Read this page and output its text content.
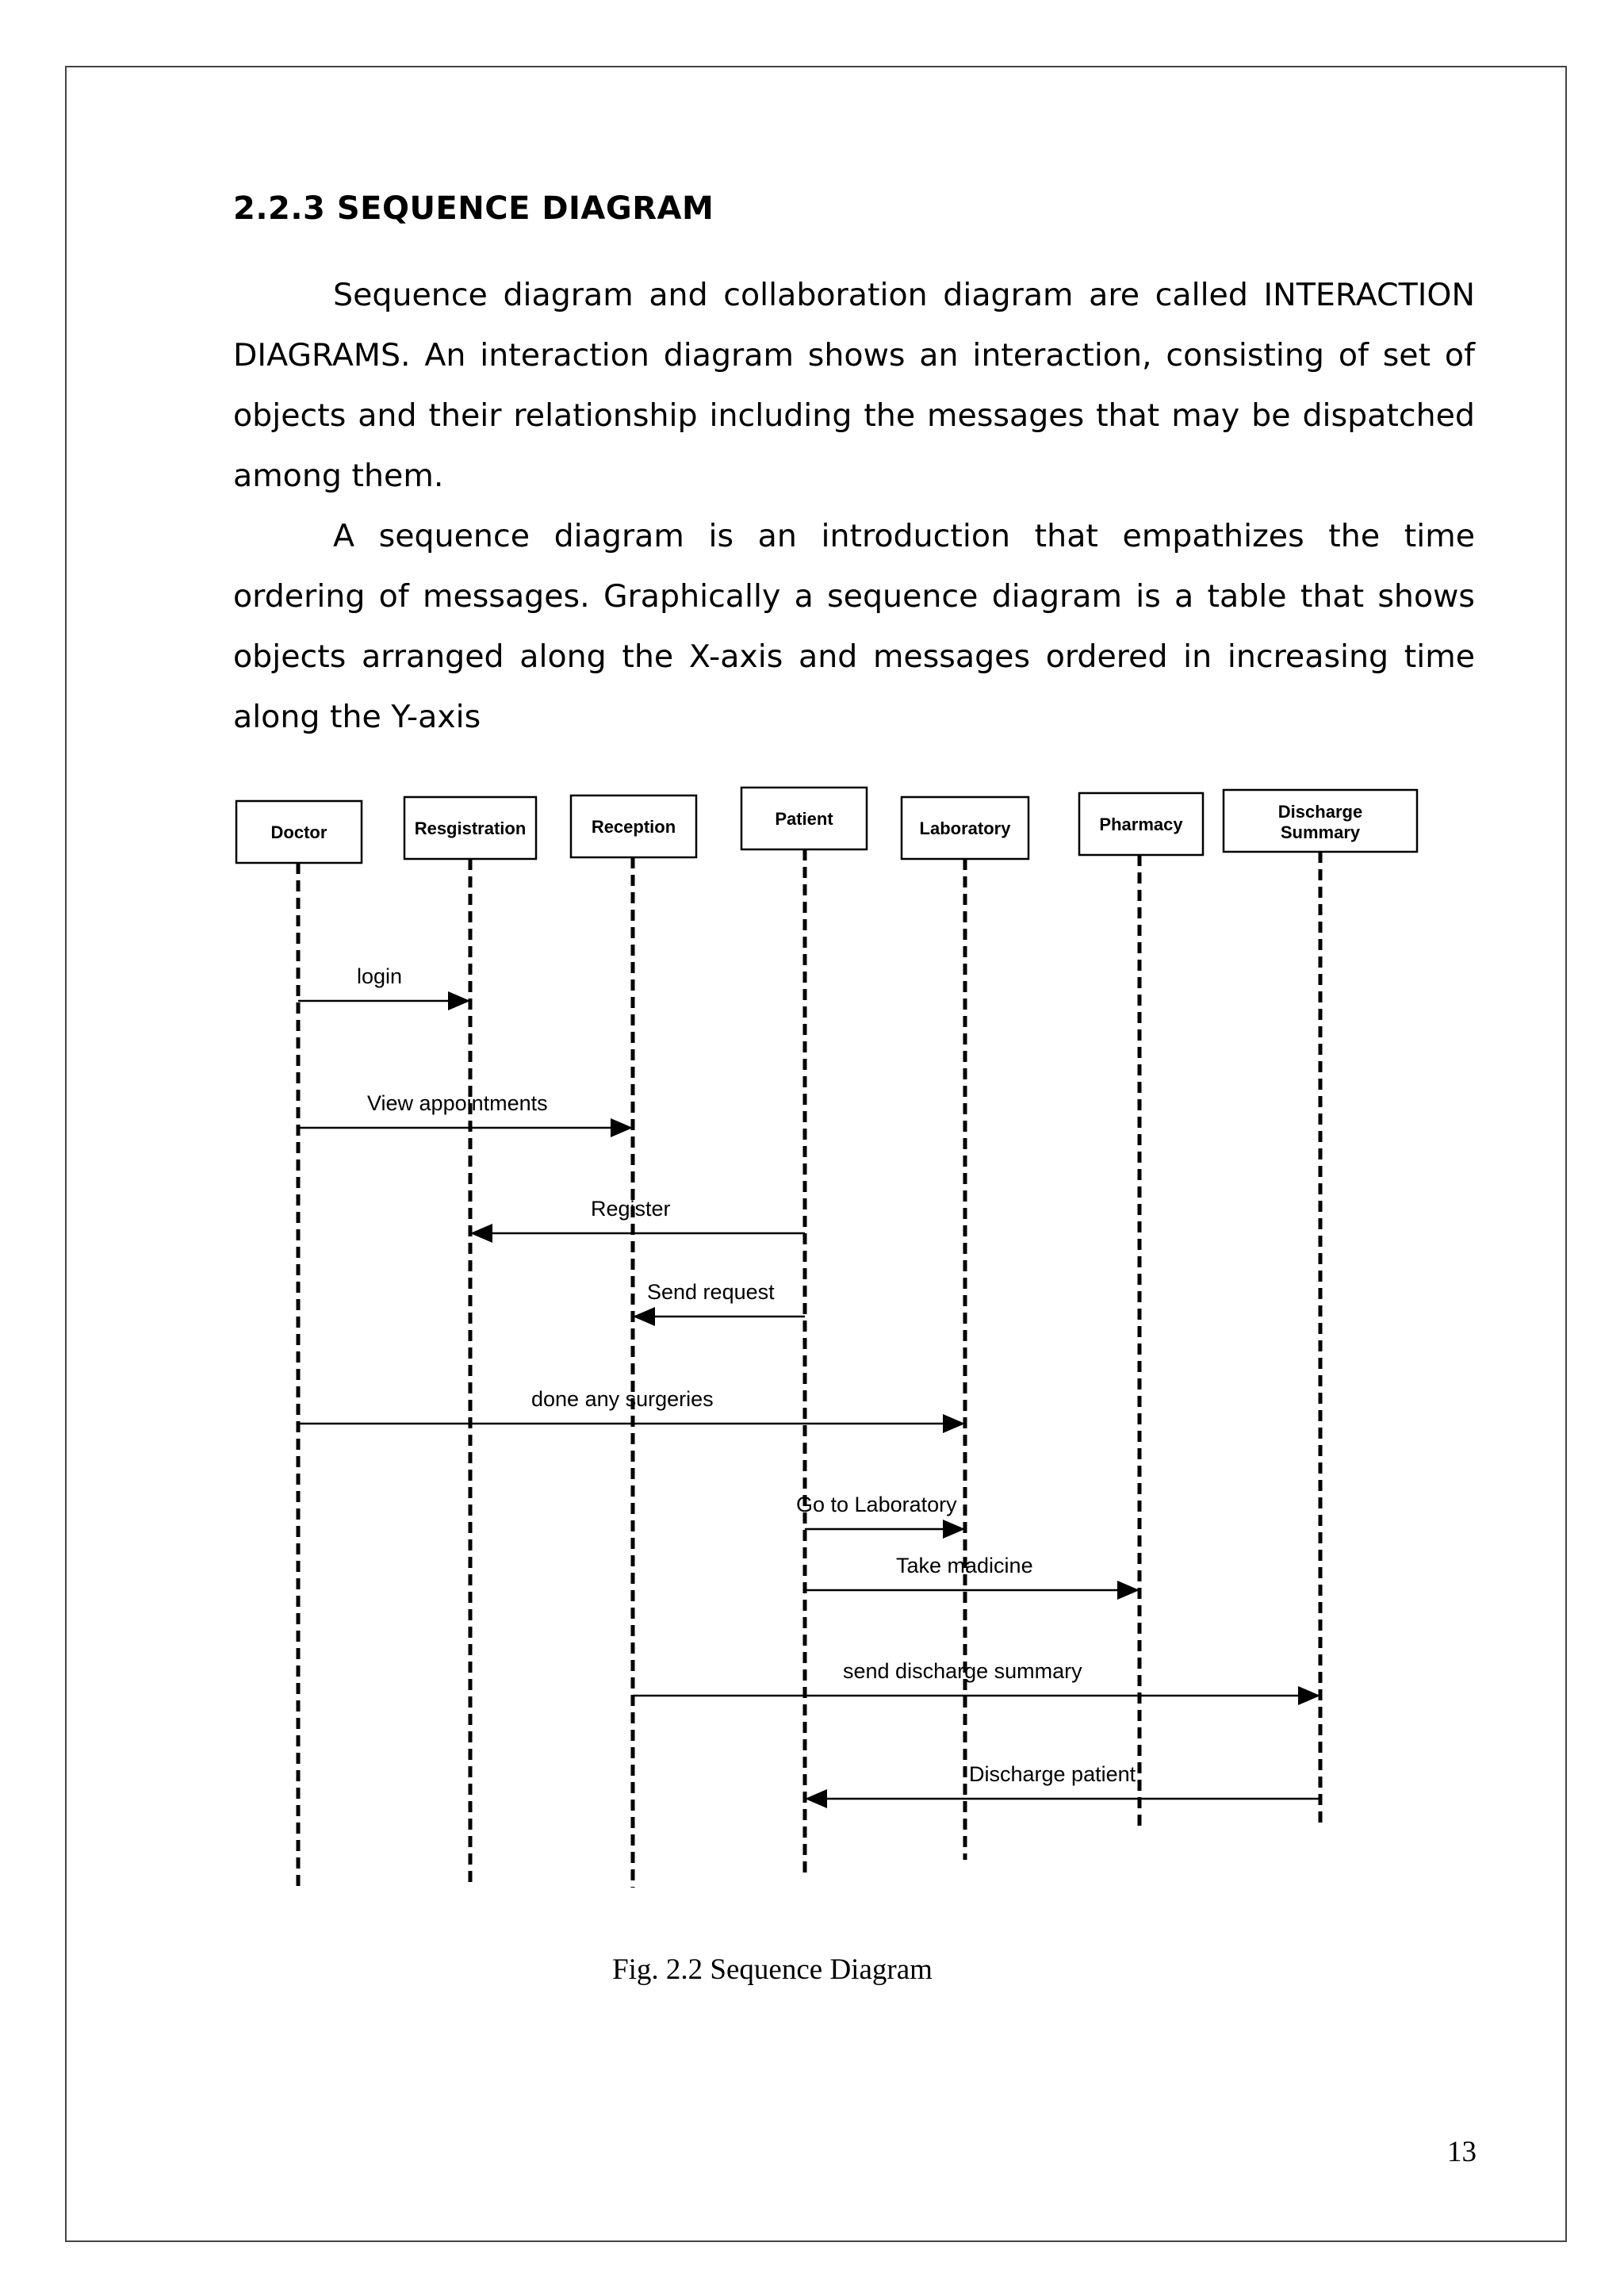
2.2.3 SEQUENCE DIAGRAM

Sequence diagram and collaboration diagram are called INTERACTION DIAGRAMS. An interaction diagram shows an interaction, consisting of set of objects and their relationship including the messages that may be dispatched among them.

A sequence diagram is an introduction that empathizes the time ordering of messages. Graphically a sequence diagram is a table that shows objects arranged along the X-axis and messages ordered in increasing time along the Y-axis

Doctor	Resgistration	Reception	Patient	Laboratory	Pharmacy
Discharge
Summary
login
View appointments
Register
Send request
done any surgeries
Go to Laboratory
Take madicine
send discharge summary
Discharge patient
Fig. 2.2 Sequence Diagram
13
